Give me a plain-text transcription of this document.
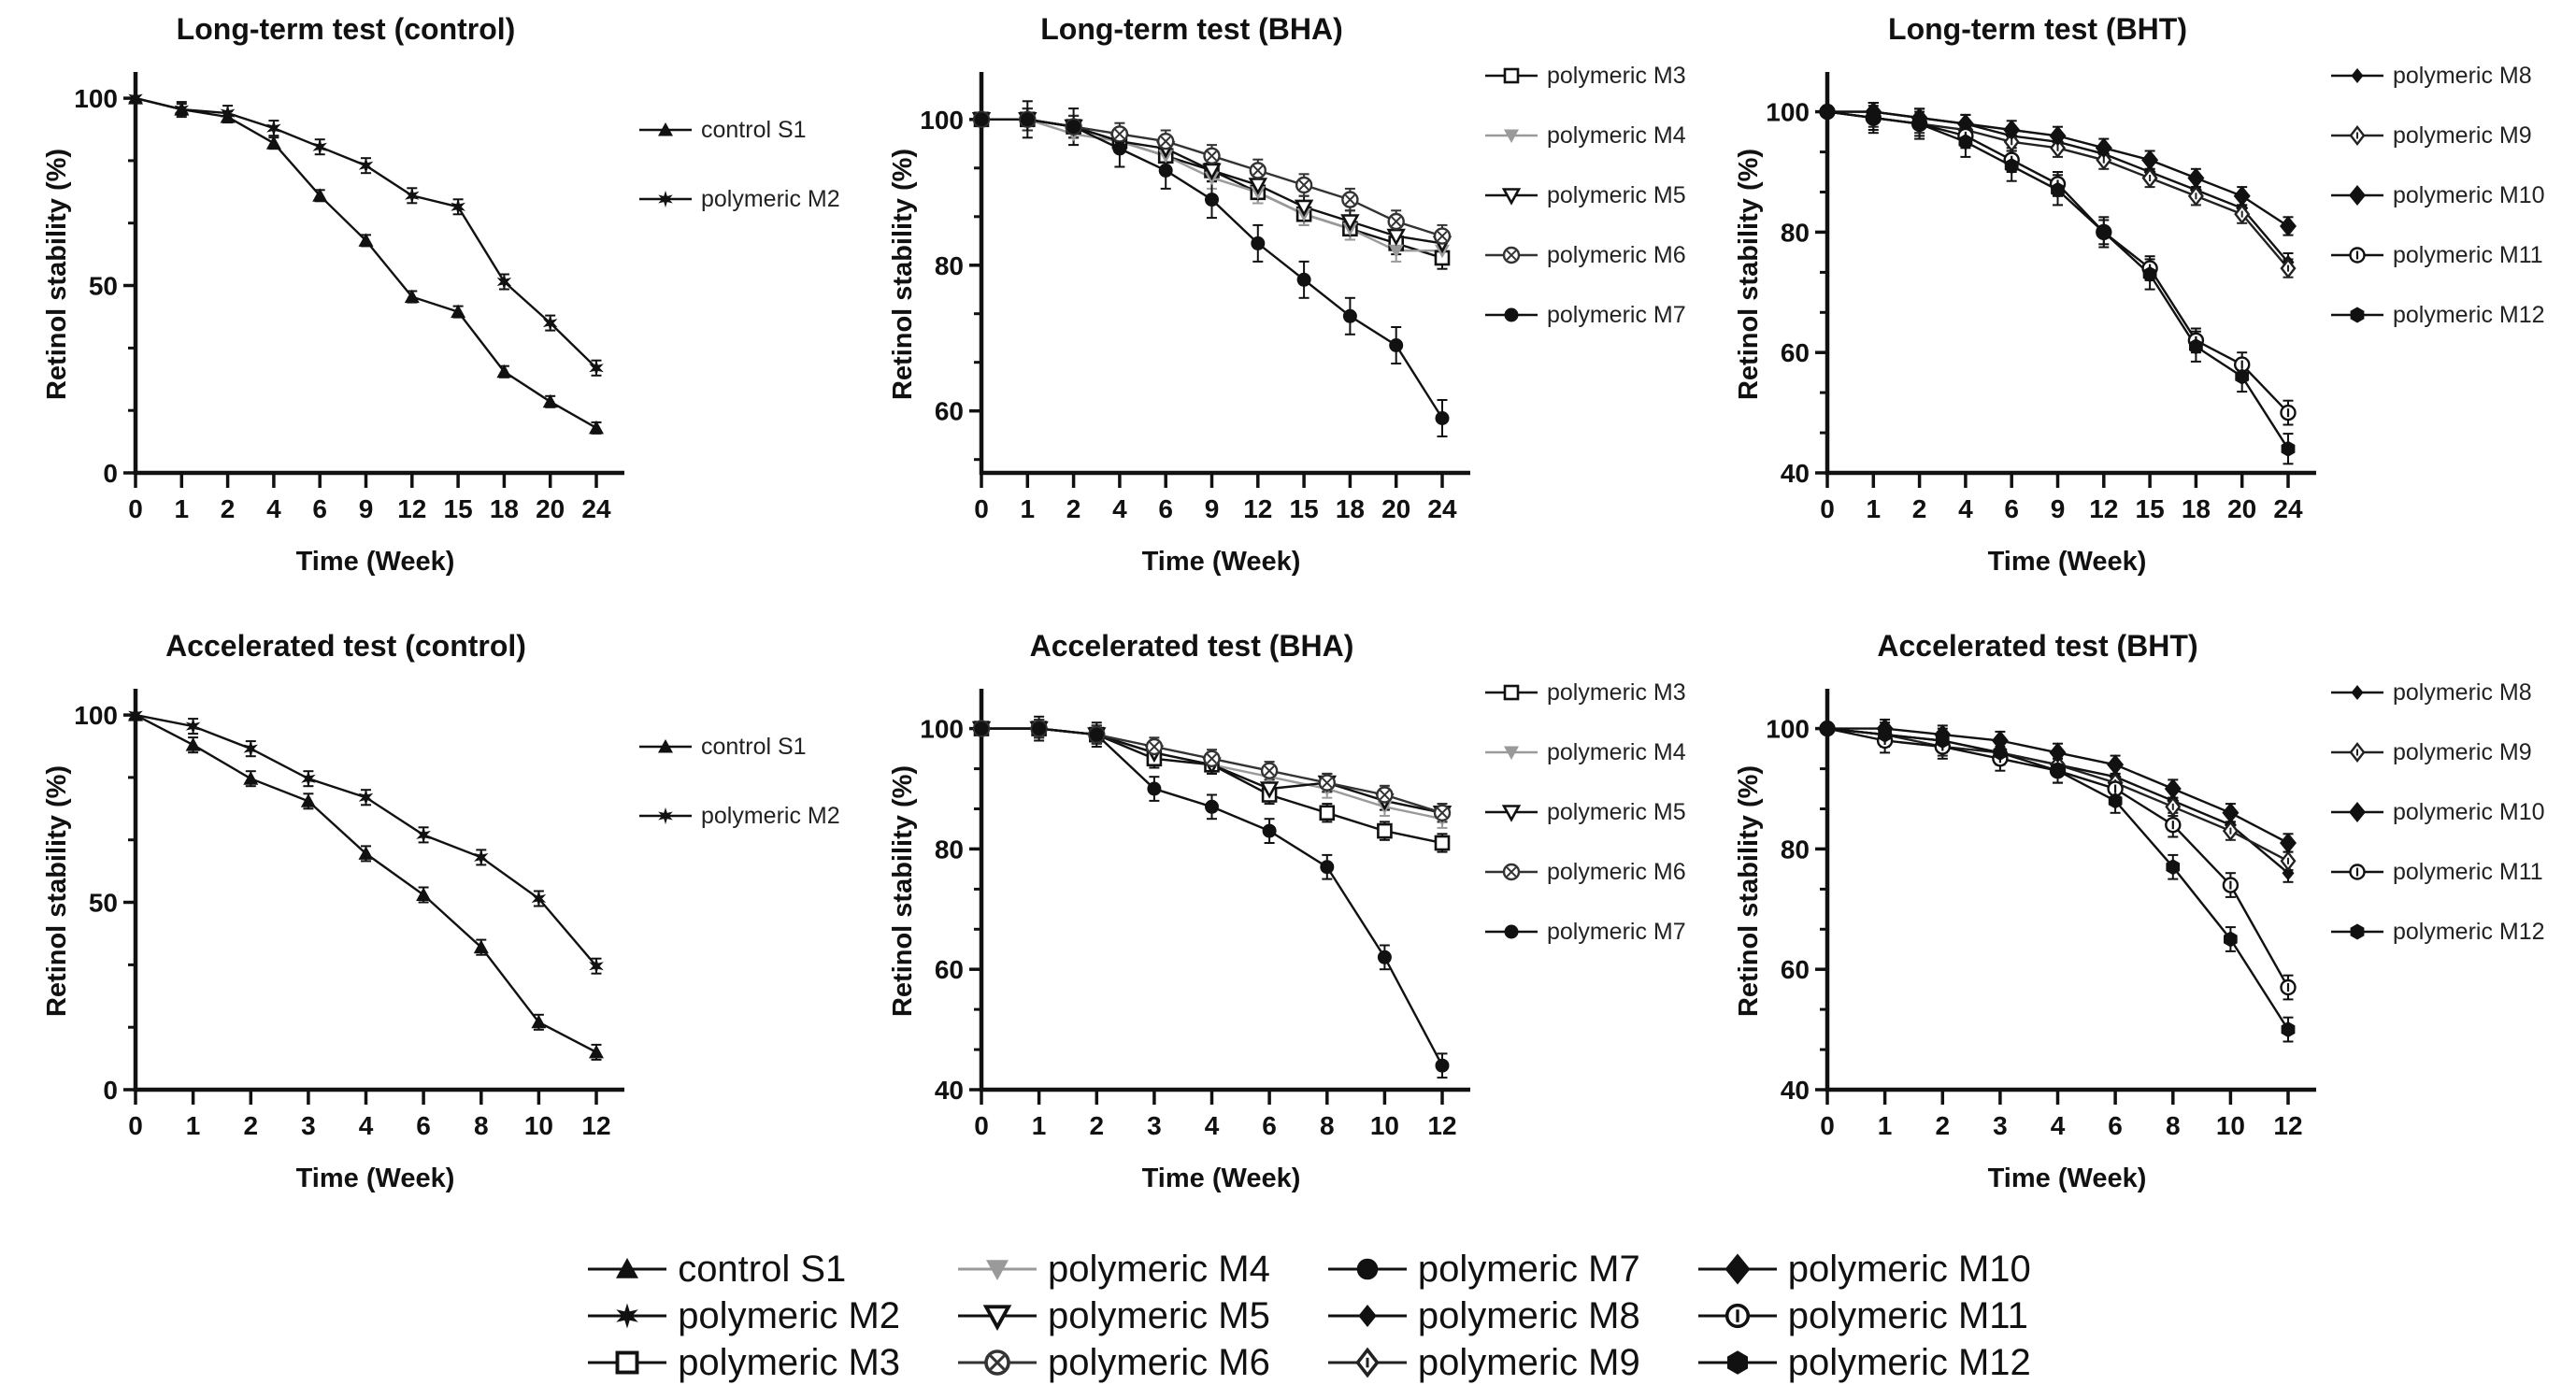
Long-term test (control)
Retinol stability (%)
Time (Week)
0
50
100
0 1 2 4 6 9 12 15 18 20 24
control S1
polymeric M2
Long-term test (BHA)
Retinol stability (%)
Time (Week)
60
80
100
0 1 2 4 6 9 12 15 18 20 24
polymeric M3
polymeric M4
polymeric M5
polymeric M6
polymeric M7
Long-term test (BHT)
Retinol stability (%)
Time (Week)
40
60
80
100
0 1 2 4 6 9 12 15 18 20 24
polymeric M8
polymeric M9
polymeric M10
polymeric M11
polymeric M12
Accelerated test (control)
Retinol stability (%)
Time (Week)
0
50
100
0 1 2 3 4 6 8 10 12
control S1
polymeric M2
Accelerated test (BHA)
Retinol stability (%)
Time (Week)
40
60
80
100
0 1 2 3 4 6 8 10 12
polymeric M3
polymeric M4
polymeric M5
polymeric M6
polymeric M7
Accelerated test (BHT)
Retinol stability (%)
Time (Week)
40
60
80
100
0 1 2 3 4 6 8 10 12
polymeric M8
polymeric M9
polymeric M10
polymeric M11
polymeric M12
control S1	polymeric M4	polymeric M7	polymeric M10
polymeric M2	polymeric M5	polymeric M8	polymeric M11
polymeric M3	polymeric M6	polymeric M9	polymeric M12
